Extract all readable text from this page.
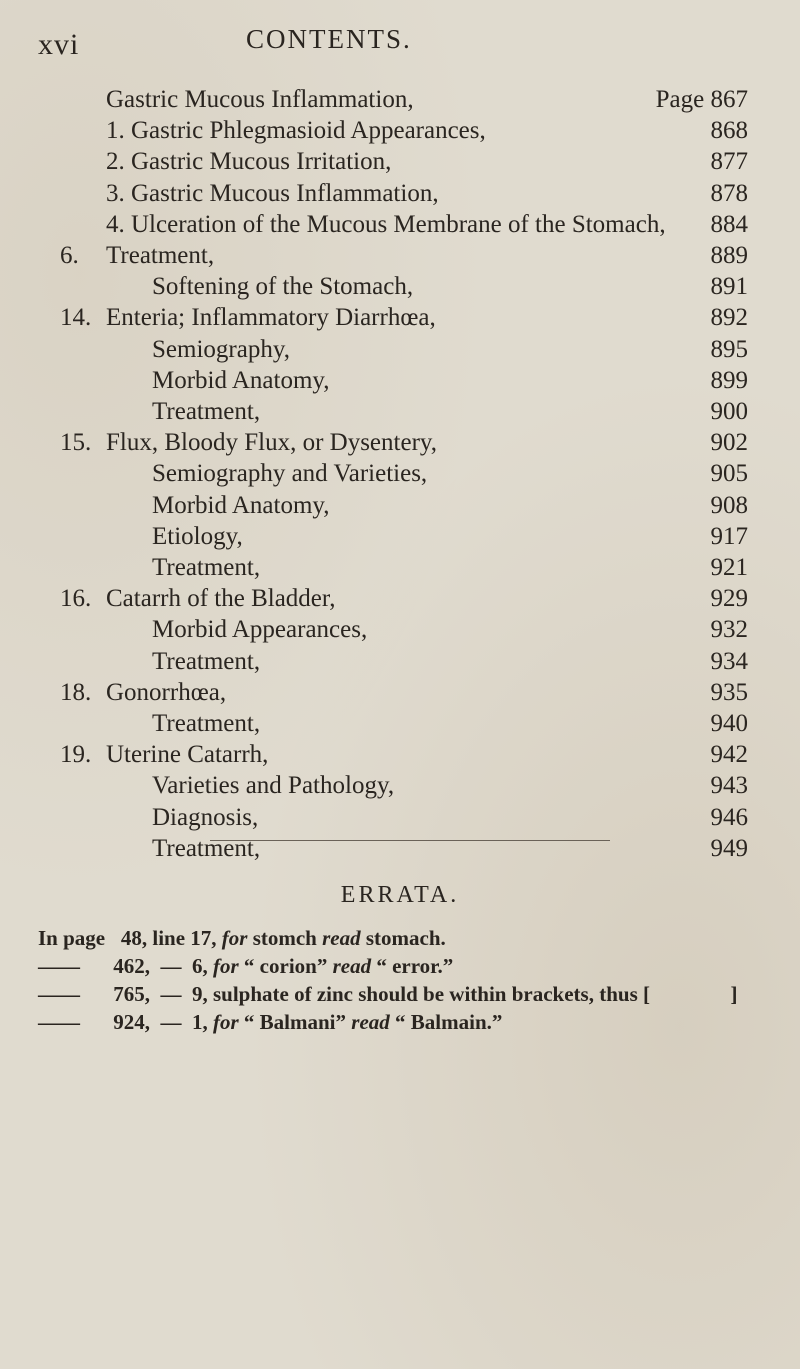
xvi	CONTENTS.
Gastric Mucous Inflammation,	Page 867
1. Gastric Phlegmasioid Appearances,	868
2. Gastric Mucous Irritation,	877
3. Gastric Mucous Inflammation,	878
4. Ulceration of the Mucous Membrane of the Stomach, 884
6. Treatment,	889
Softening of the Stomach,	891
14. Enteria; Inflammatory Diarrhœa,	892
Semiography,	895
Morbid Anatomy,	899
Treatment,	900
15. Flux, Bloody Flux, or Dysentery,	902
Semiography and Varieties,	905
Morbid Anatomy,	908
Etiology,	917
Treatment,	921
16. Catarrh of the Bladder,	929
Morbid Appearances,	932
Treatment,	934
18. Gonorrhœa,	935
Treatment,	940
19. Uterine Catarrh,	942
Varieties and Pathology,	943
Diagnosis,	946
Treatment,	949
ERRATA.
In page 48, line 17, for stomch read stomach.
—— 462, — 6, for “ corion” read “ error.”
—— 765, — 9, sulphate of zinc should be within brackets, thus [	]
—— 924, — 1, for “ Balmani” read “ Balmain.”
